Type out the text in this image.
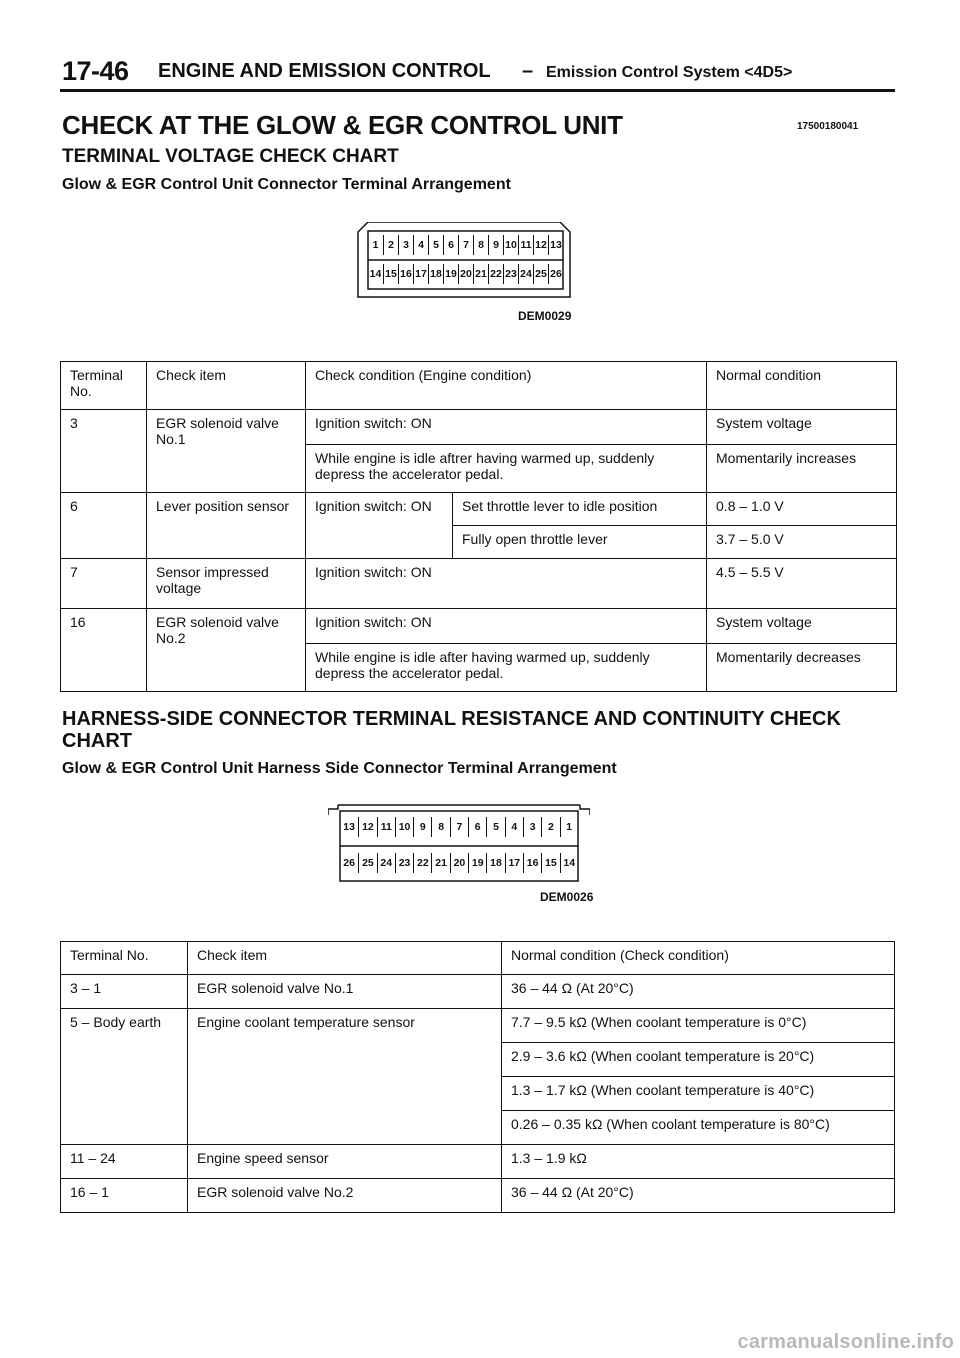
17-46 ENGINE AND EMISSION CONTROL – Emission Control System <4D5>
CHECK AT THE GLOW & EGR CONTROL UNIT	17500180041
TERMINAL VOLTAGE CHECK CHART
Glow & EGR Control Unit Connector Terminal Arrangement
1 2 3 4 5 6 7 8 9 10 11 12 13
14 15 16 17 18 19 20 21 22 23 24 25 26
DEM0029
Terminal No.	Check item	Check condition (Engine condition)		Normal condition
3	EGR solenoid valve No.1	Ignition switch: ON		System voltage
		While engine is idle aftrer having warmed up, suddenly depress the accelerator pedal.		Momentarily increases
6	Lever position sensor	Ignition switch: ON	Set throttle lever to idle position	0.8 – 1.0 V
			Fully open throttle lever	3.7 – 5.0 V
7	Sensor impressed voltage	Ignition switch: ON		4.5 – 5.5 V
16	EGR solenoid valve No.2	Ignition switch: ON		System voltage
		While engine is idle after having warmed up, suddenly depress the accelerator pedal.		Momentarily decreases
HARNESS-SIDE CONNECTOR TERMINAL RESISTANCE AND CONTINUITY CHECK CHART
Glow & EGR Control Unit Harness Side Connector Terminal Arrangement
13 12 11 10 9	8	7	6	5	4	3	2	1
26 25 24 23 22 21 20 19 18 17 16 15 14
DEM0026
Terminal No.	Check item	Normal condition (Check condition)
3 – 1	EGR solenoid valve No.1	36 – 44 Ω (At 20°C)
5 – Body earth	Engine coolant temperature sensor	7.7 – 9.5 kΩ (When coolant temperature is 0°C)
		2.9 – 3.6 kΩ (When coolant temperature is 20°C)
		1.3 – 1.7 kΩ (When coolant temperature is 40°C)
		0.26 – 0.35 kΩ (When coolant temperature is 80°C)
11 – 24	Engine speed sensor	1.3 – 1.9 kΩ
16 – 1	EGR solenoid valve No.2	36 – 44 Ω (At 20°C)
carmanualsonline.info
